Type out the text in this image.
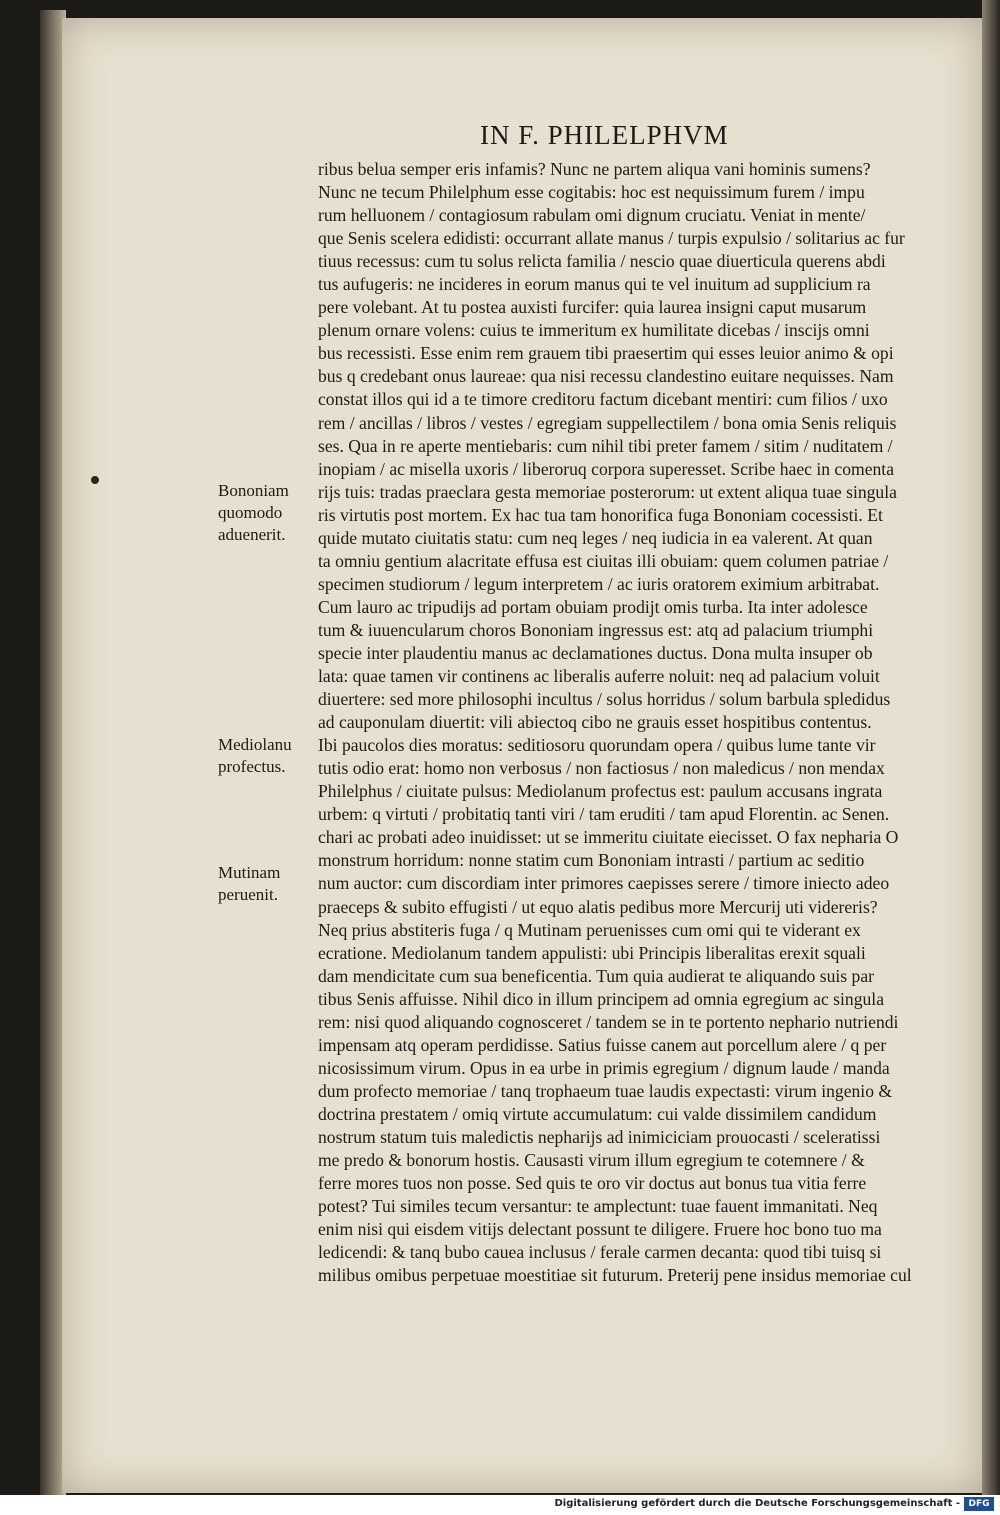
IN F. PHILELPHVM
ribus belua semper eris infamis? Nunc ne partem aliqua vani hominis sumens?
Nunc ne tecum Philelphum esse cogitabis: hoc est nequissimum furem / impu
rum helluonem / contagiosum rabulam omi dignum cruciatu. Veniat in mente/
que Senis scelera edidisti: occurrant allate manus / turpis expulsio / solitarius ac fur
tiuus recessus: cum tu solus relicta familia / nescio quae diuerticula querens abdi
tus aufugeris: ne incideres in eorum manus qui te vel inuitum ad supplicium ra
pere volebant. At tu postea auxisti furcifer: quia laurea insigni caput musarum
plenum ornare volens: cuius te immeritum ex humilitate dicebas / inscijs omni
bus recessisti. Esse enim rem grauem tibi praesertim qui esses leuior animo & opi
bus q credebant onus laureae: qua nisi recessu clandestino euitare nequisses. Nam
constat illos qui id a te timore creditoru factum dicebant mentiri: cum filios / uxo
rem / ancillas / libros / vestes / egregiam suppellectilem / bona omia Senis reliquis
ses. Qua in re aperte mentiebaris: cum nihil tibi preter famem / sitim / nuditatem /
inopiam / ac misella uxoris / liberoruq corpora superesset. Scribe haec in comenta
rijs tuis: tradas praeclara gesta memoriae posterorum: ut extent aliqua tuae singula
ris virtutis post mortem. Ex hac tua tam honorifica fuga Bononiam cocessisti. Et
quide mutato ciuitatis statu: cum neq leges / neq iudicia in ea valerent. At quan
ta omniu gentium alacritate effusa est ciuitas illi obuiam: quem columen patriae /
specimen studiorum / legum interpretem / ac iuris oratorem eximium arbitrabat.
Cum lauro ac tripudijs ad portam obuiam prodijt omis turba. Ita inter adolesce
tum & iuuencularum choros Bononiam ingressus est: atq ad palacium triumphi
specie inter plaudentiu manus ac declamationes ductus. Dona multa insuper ob
lata: quae tamen vir continens ac liberalis auferre noluit: neq ad palacium voluit
diuertere: sed more philosophi incultus / solus horridus / solum barbula spledidus
ad cauponulam diuertit: vili abiectoq cibo ne grauis esset hospitibus contentus.
Ibi paucolos dies moratus: seditiosoru quorundam opera / quibus lume tante vir
tutis odio erat: homo non verbosus / non factiosus / non maledicus / non mendax
Philelphus / ciuitate pulsus: Mediolanum profectus est: paulum accusans ingrata
urbem: q virtuti / probitatiq tanti viri / tam eruditi / tam apud Florentin. ac Senen.
chari ac probati adeo inuidisset: ut se immeritu ciuitate eiecisset. O fax nepharia O
monstrum horridum: nonne statim cum Bononiam intrasti / partium ac seditio
num auctor: cum discordiam inter primores caepisses serere / timore iniecto adeo
praeceps & subito effugisti / ut equo alatis pedibus more Mercurij uti videreris?
Neq prius abstiteris fuga / q Mutinam peruenisses cum omi qui te viderant ex
ecratione. Mediolanum tandem appulisti: ubi Principis liberalitas erexit squali
dam mendicitate cum sua beneficentia. Tum quia audierat te aliquando suis par
tibus Senis affuisse. Nihil dico in illum principem ad omnia egregium ac singula
rem: nisi quod aliquando cognosceret / tandem se in te portento nephario nutriendi
impensam atq operam perdidisse. Satius fuisse canem aut porcellum alere / q per
nicosissimum virum. Opus in ea urbe in primis egregium / dignum laude / manda
dum profecto memoriae / tanq trophaeum tuae laudis expectasti: virum ingenio &
doctrina prestatem / omiq virtute accumulatum: cui valde dissimilem candidum
nostrum statum tuis maledictis nepharijs ad inimiciciam prouocasti / sceleratissi
me predo & bonorum hostis. Causasti virum illum egregium te cotemnere / &
ferre mores tuos non posse. Sed quis te oro vir doctus aut bonus tua vitia ferre
potest? Tui similes tecum versantur: te amplectunt: tuae fauent immanitati. Neq
enim nisi qui eisdem vitijs delectant possunt te diligere. Fruere hoc bono tuo ma
ledicendi: & tanq bubo cauea inclusus / ferale carmen decanta: quod tibi tuisq si
milibus omibus perpetuae moestitiae sit futurum. Preterij pene insidus memoriae cul
Bononiam
quomodo
aduenerit.
Mediolanu
profectus.
Mutinam
peruenit.
Digitalisierung gefördert durch die Deutsche Forschungsgemeinschaft - DFG
